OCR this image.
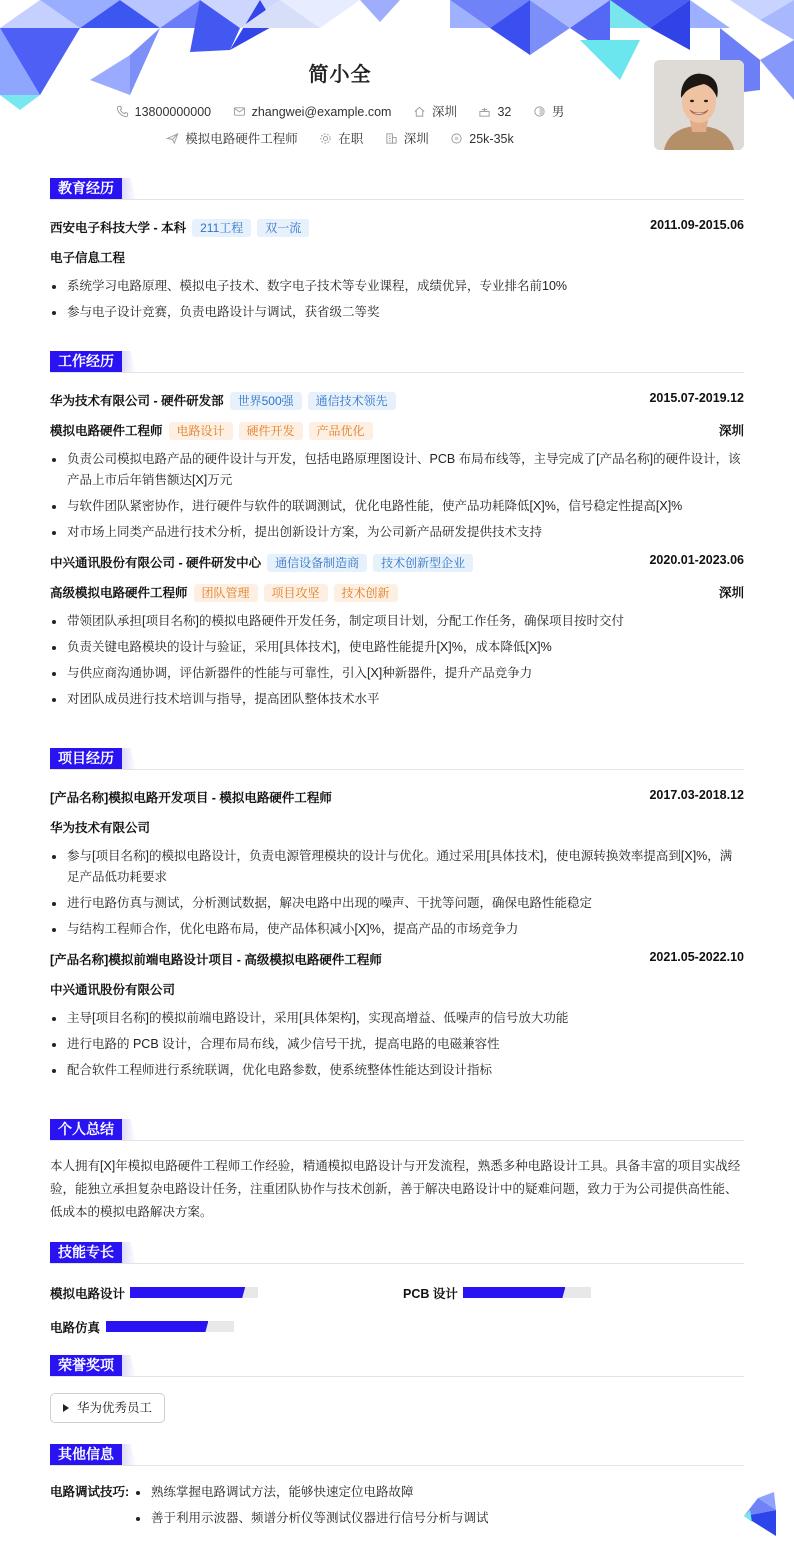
简小全
13800000000	zhangwei@example.com	深圳	32	男
模拟电路硬件工程师	在职	深圳	25k-35k
教育经历
西安电子科技大学 - 本科 211工程 双一流	2011.09-2015.06
电子信息工程
系统学习电路原理、模拟电子技术、数字电子技术等专业课程，成绩优异，专业排名前10%
参与电子设计竞赛，负责电路设计与调试，获省级二等奖
工作经历
华为技术有限公司 - 硬件研发部 世界500强 通信技术领先	2015.07-2019.12
模拟电路硬件工程师 电路设计 硬件开发 产品优化	深圳
负责公司模拟电路产品的硬件设计与开发，包括电路原理图设计、PCB 布局布线等，主导完成了[产品名称]的硬件设计，该产品上市后年销售额达[X]万元
与软件团队紧密协作，进行硬件与软件的联调测试，优化电路性能，使产品功耗降低[X]%，信号稳定性提高[X]%
对市场上同类产品进行技术分析，提出创新设计方案，为公司新产品研发提供技术支持
中兴通讯股份有限公司 - 硬件研发中心 通信设备制造商 技术创新型企业	2020.01-2023.06
高级模拟电路硬件工程师 团队管理 项目攻坚 技术创新	深圳
带领团队承担[项目名称]的模拟电路硬件开发任务，制定项目计划，分配工作任务，确保项目按时交付
负责关键电路模块的设计与验证，采用[具体技术]，使电路性能提升[X]%，成本降低[X]%
与供应商沟通协调，评估新器件的性能与可靠性，引入[X]种新器件，提升产品竞争力
对团队成员进行技术培训与指导，提高团队整体技术水平
项目经历
[产品名称]模拟电路开发项目 - 模拟电路硬件工程师	2017.03-2018.12
华为技术有限公司
参与[项目名称]的模拟电路设计，负责电源管理模块的设计与优化。通过采用[具体技术]，使电源转换效率提高到[X]%，满足产品低功耗要求
进行电路仿真与测试，分析测试数据，解决电路中出现的噪声、干扰等问题，确保电路性能稳定
与结构工程师合作，优化电路布局，使产品体积减小[X]%，提高产品的市场竞争力
[产品名称]模拟前端电路设计项目 - 高级模拟电路硬件工程师	2021.05-2022.10
中兴通讯股份有限公司
主导[项目名称]的模拟前端电路设计，采用[具体架构]，实现高增益、低噪声的信号放大功能
进行电路的 PCB 设计，合理布局布线，减少信号干扰，提高电路的电磁兼容性
配合软件工程师进行系统联调，优化电路参数，使系统整体性能达到设计指标
个人总结
本人拥有[X]年模拟电路硬件工程师工作经验，精通模拟电路设计与开发流程，熟悉多种电路设计工具。具备丰富的项目实战经验，能独立承担复杂电路设计任务，注重团队协作与技术创新，善于解决电路设计中的疑难问题，致力于为公司提供高性能、低成本的模拟电路解决方案。
技能专长
模拟电路设计	PCB 设计
电路仿真
荣誉奖项
华为优秀员工
其他信息
电路调试技巧:	熟练掌握电路调试方法，能够快速定位电路故障
善于利用示波器、频谱分析仪等测试仪器进行信号分析与调试
